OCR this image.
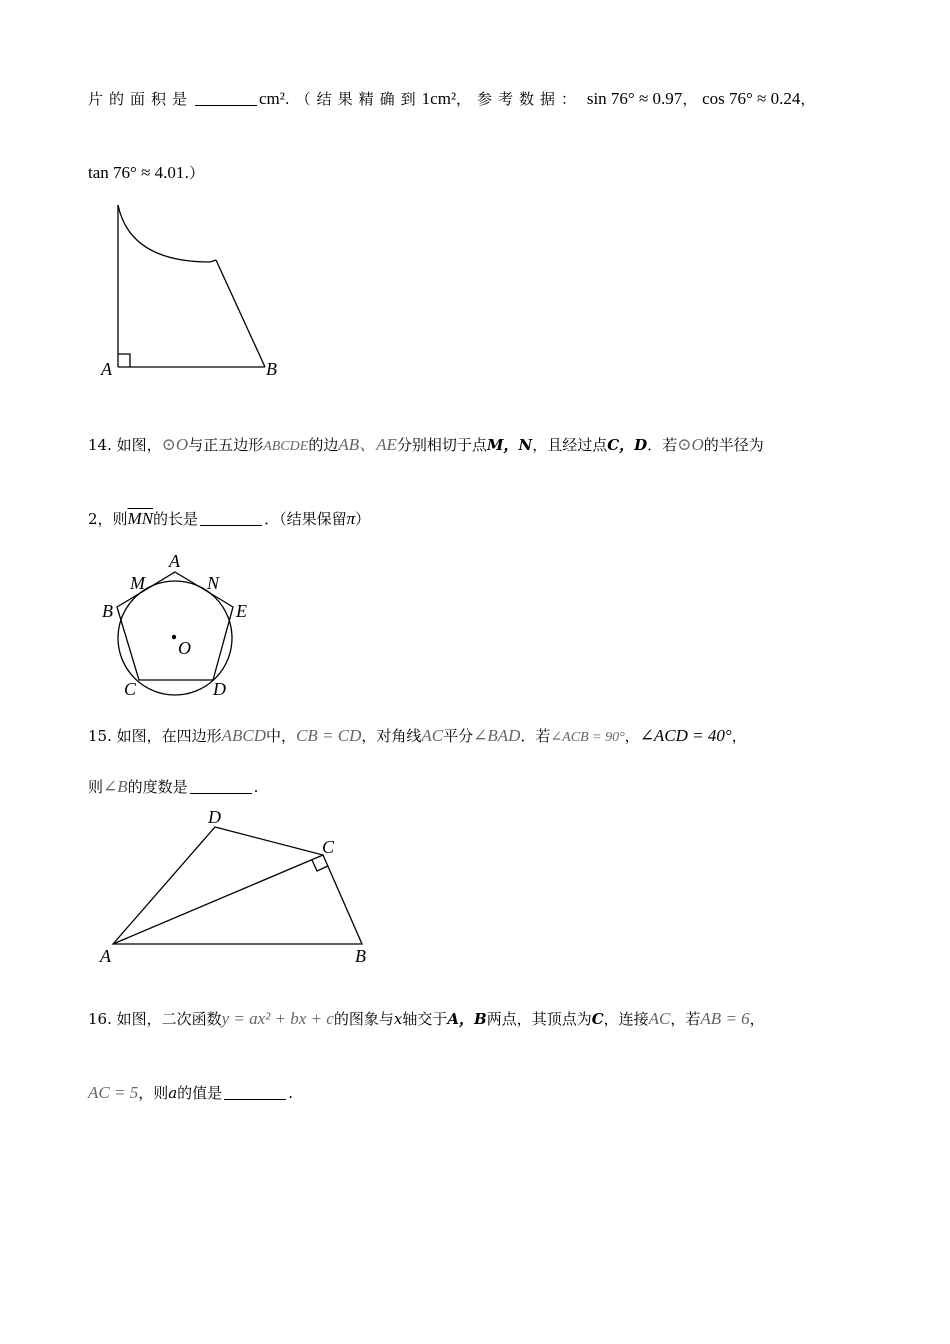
片的面积是	cm².（结果精确到1cm²，参考数据： sin 76° ≈ 0.97， cos 76° ≈ 0.24，
tan 76° ≈ 4.01.）
A	B
14. 如图，⊙O与正五边形ABCDE的边AB、AE分别相切于点M，N，且经过点C，D．若⊙O的半径为
2，则$\overline{MN}$的长是	．（结果保留π）
A
M	N
B	E
O
C	D
15. 如图，在四边形ABCD中，CB = CD，对角线AC平分∠BAD．若∠ACB = 90°，∠ACD = 40°，
则∠B的度数是	.
D
C
A	B
16. 如图，二次函数y = ax² + bx + c的图象与x轴交于A，B两点，其顶点为C，连接AC，若AB = 6，
AC = 5，则a的值是	.
